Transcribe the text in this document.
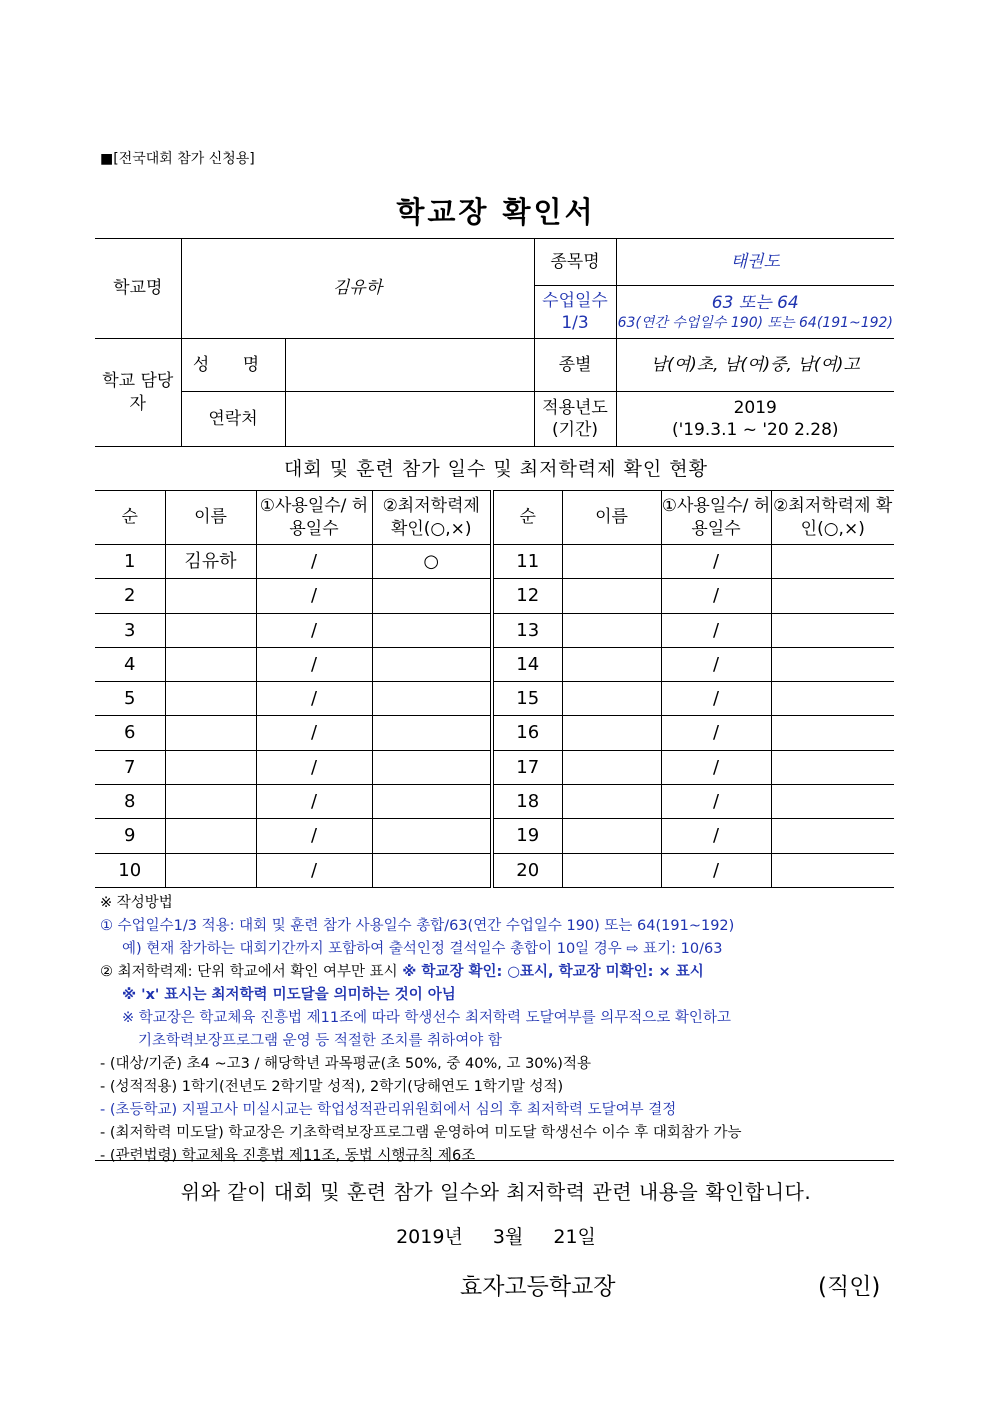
■[전국대회 참가 신청용]
학교장 확인서
학교명	김유하		종목명	태권도
			수업일수 1/3	63 또는 64
63(연간 수업일수 190) 또는 64(191~192)

학교 담당자	성 명		종별	남(여)초, 남(여)중, 남(여)고
	연락처		적용년도 (기간)	2019
('19.3.1 ~ '20 2.28)
대회 및 훈련 참가 일수 및 최저학력제 확인 현황
순	이름	①사용일수/ 허용일수	②최저학력제 확인(○,×)	순	이름	①사용일수/ 허용일수	②최저학력제 확인(○,×)
1	김유하	/	○	11		/	
2		/		12		/	
3		/		13		/	
4		/		14		/	
5		/		15		/	
6		/		16		/	
7		/		17		/	
8		/		18		/	
9		/		19		/	
10		/		20		/	
※ 작성방법
① 수업일수1/3 적용: 대회 및 훈련 참가 사용일수 총합/63(연간 수업일수 190) 또는 64(191~192)
예) 현재 참가하는 대회기간까지 포함하여 출석인정 결석일수 총합이 10일 경우 ⇨ 표기: 10/63
② 최저학력제: 단위 학교에서 확인 여부만 표시 ※ 학교장 확인: ○표시, 학교장 미확인: × 표시
※ 'x' 표시는 최저학력 미도달을 의미하는 것이 아님
※ 학교장은 학교체육 진흥법 제11조에 따라 학생선수 최저학력 도달여부를 의무적으로 확인하고
기초학력보장프로그램 운영 등 적절한 조치를 취하여야 함
- (대상/기준) 초4 ~고3 / 해당학년 과목평균(초 50%, 중 40%, 고 30%)적용
- (성적적용) 1학기(전년도 2학기말 성적), 2학기(당해연도 1학기말 성적)
- (초등학교) 지필고사 미실시교는 학업성적관리위원회에서 심의 후 최저학력 도달여부 결정
- (최저학력 미도달) 학교장은 기초학력보장프로그램 운영하여 미도달 학생선수 이수 후 대회참가 가능
- (관련법령) 학교체육 진흥법 제11조, 동법 시행규칙 제6조
위와 같이 대회 및 훈련 참가 일수와 최저학력 관련 내용을 확인합니다.
2019년 3월 21일
효자고등학교장	(직인)
